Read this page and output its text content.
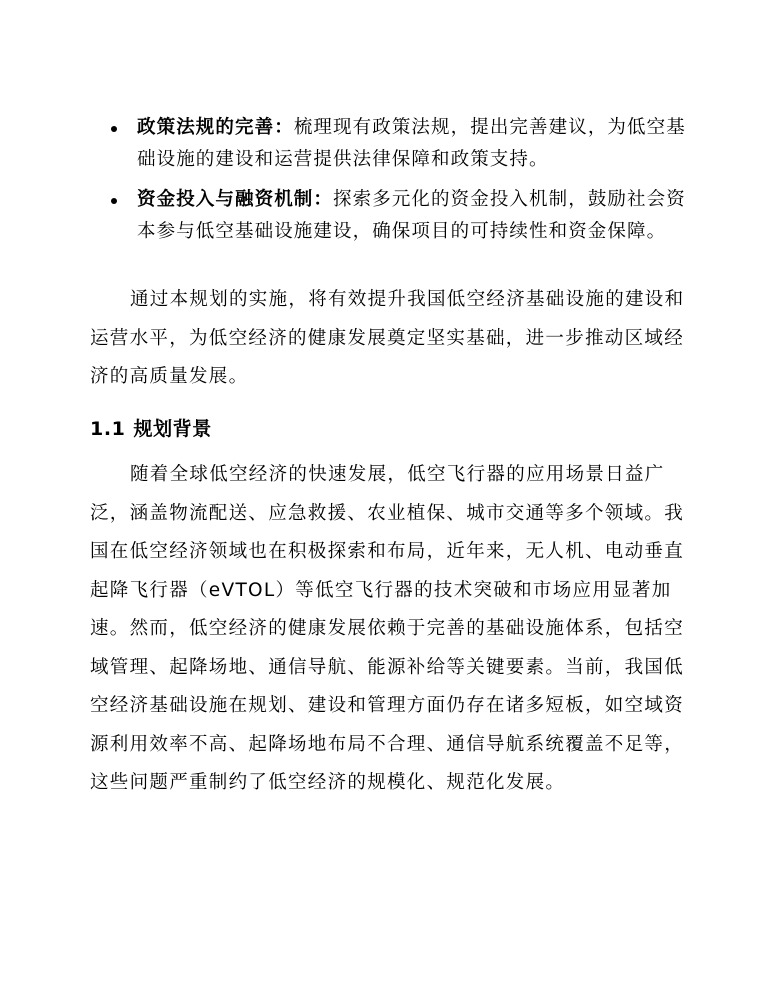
政策法规的完善：梳理现有政策法规，提出完善建议，为低空基础设施的建设和运营提供法律保障和政策支持。
资金投入与融资机制：探索多元化的资金投入机制，鼓励社会资本参与低空基础设施建设，确保项目的可持续性和资金保障。

通过本规划的实施，将有效提升我国低空经济基础设施的建设和运营水平，为低空经济的健康发展奠定坚实基础，进一步推动区域经济的高质量发展。

1.1 规划背景

随着全球低空经济的快速发展，低空飞行器的应用场景日益广泛，涵盖物流配送、应急救援、农业植保、城市交通等多个领域。我国在低空经济领域也在积极探索和布局，近年来，无人机、电动垂直起降飞行器（eVTOL）等低空飞行器的技术突破和市场应用显著加速。然而，低空经济的健康发展依赖于完善的基础设施体系，包括空域管理、起降场地、通信导航、能源补给等关键要素。当前，我国低空经济基础设施在规划、建设和管理方面仍存在诸多短板，如空域资源利用效率不高、起降场地布局不合理、通信导航系统覆盖不足等，这些问题严重制约了低空经济的规模化、规范化发展。
